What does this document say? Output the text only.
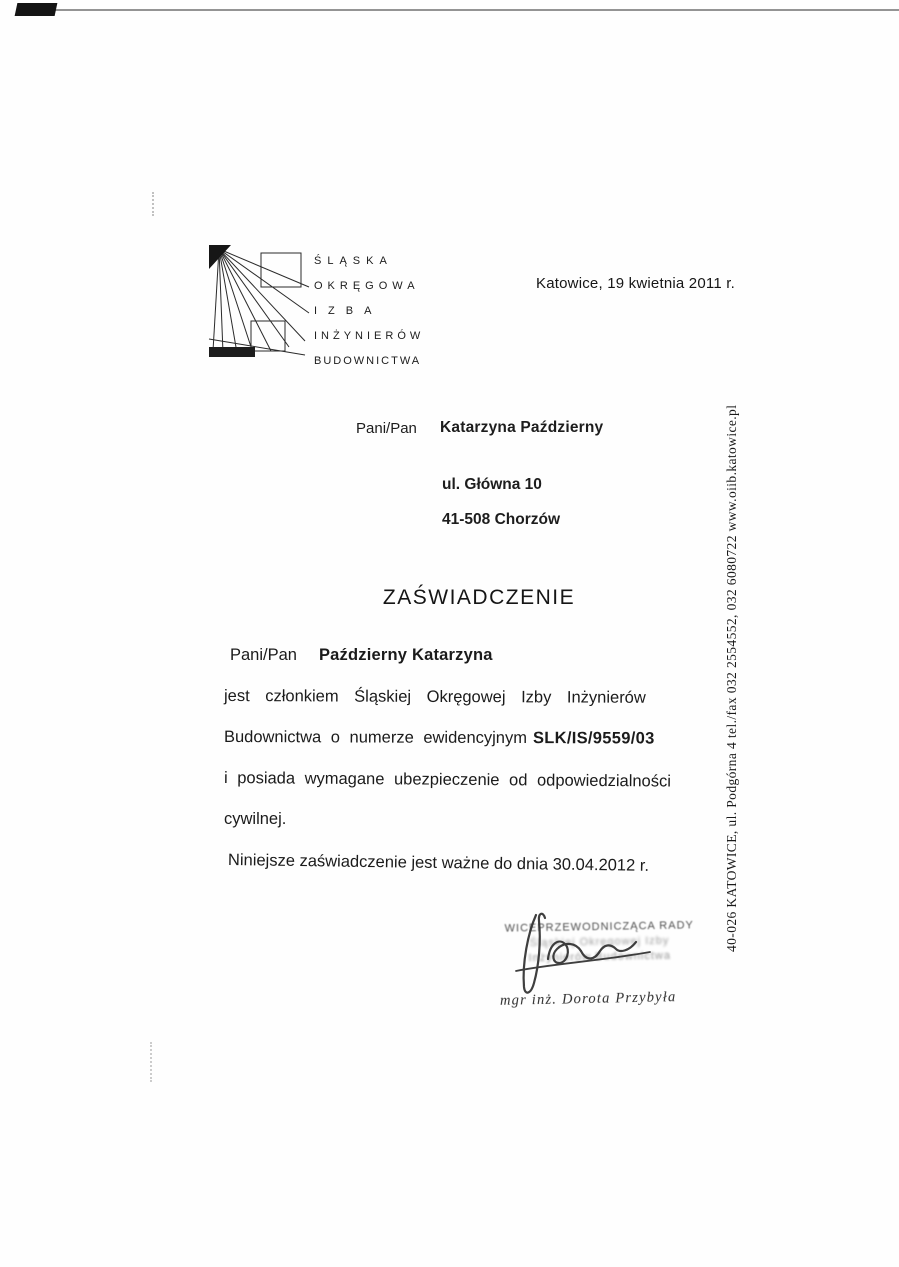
ŚLĄSKA
OKRĘGOWA
IZBA
INŻYNIERÓW
BUDOWNICTWA
Katowice, 19 kwietnia 2011 r.
40-026 KATOWICE, ul. Podgórna 4 tel./fax 032 2554552, 032 6080722 www.oiib.katowice.pl
Pani/Pan Katarzyna Październy
ul. Główna 10
41-508 Chorzów
ZAŚWIADCZENIE
Pani/Pan Październy Katarzyna
jest członkiem Śląskiej Okręgowej Izby Inżynierów
Budownictwa o numerze ewidencyjnym SLK/IS/9559/03
i posiada wymagane ubezpieczenie od odpowiedzialności
cywilnej.
Niniejsze zaświadczenie jest ważne do dnia 30.04.2012 r.
WICEPRZEWODNICZĄCA RADY
Śląskiej Okręgowej Izby
Inżynierów Budownictwa
mgr inż. Dorota Przybyła
